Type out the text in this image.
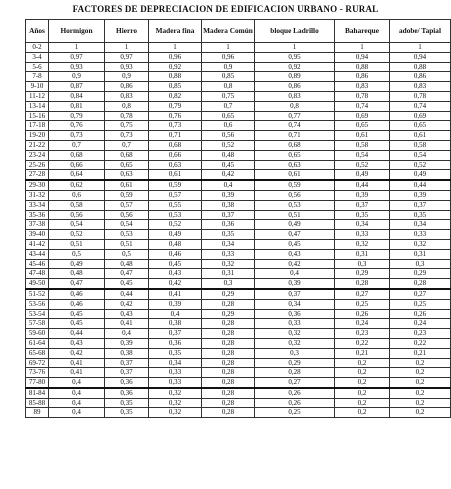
FACTORES DE DEPRECIACION DE EDIFICACION URBANO - RURAL
Años	Hormigon	Hierro	Madera fina	Madera Común	bloque Ladrillo	Bahareque	adobe/ Tapial
0-2	1	1	1	1	1	1	1
3-4	0,97	0,97	0,96	0,96	0,95	0,94	0,94
5-6	0,93	0,93	0,92	0,9	0,92	0,88	0,88
7-8	0,9	0,9	0,88	0,85	0,89	0,86	0,86
9-10	0,87	0,86	0,85	0,8	0,86	0,83	0,83
11-12	0,84	0,83	0,82	0,75	0,83	0,78	0,78
13-14	0,81	0,8	0,79	0,7	0,8	0,74	0,74
15-16	0,79	0,78	0,76	0,65	0,77	0,69	0,69
17-18	0,76	0,75	0,73	0,6	0,74	0,65	0,65
19-20	0,73	0,73	0,71	0,56	0,71	0,61	0,61
21-22	0,7	0,7	0,68	0,52	0,68	0,58	0,58
23-24	0,68	0,68	0,66	0,48	0,65	0,54	0,54
25-26	0,66	0,65	0,63	0,45	0,63	0,52	0,52
27-28	0,64	0,63	0,61	0,42	0,61	0,49	0,49
29-30	0,62	0,61	0,59	0,4	0,59	0,44	0,44
31-32	0,6	0,59	0,57	0,39	0,56	0,39	0,39
33-34	0,58	0,57	0,55	0,38	0,53	0,37	0,37
35-36	0,56	0,56	0,53	0,37	0,51	0,35	0,35
37-38	0,54	0,54	0,52	0,36	0,49	0,34	0,34
39-40	0,52	0,53	0,49	0,35	0,47	0,33	0,33
41-42	0,51	0,51	0,48	0,34	0,45	0,32	0,32
43-44	0,5	0,5	0,46	0,33	0,43	0,31	0,31
45-46	0,49	0,48	0,45	0,32	0,42	0,3	0,3
47-48	0,48	0,47	0,43	0,31	0,4	0,29	0,29
49-50	0,47	0,45	0,42	0,3	0,39	0,28	0,28
51-52	0,46	0,44	0,41	0,29	0,37	0,27	0,27
53-56	0,46	0,42	0,39	0,28	0,34	0,25	0,25
53-54	0,45	0,43	0,4	0,29	0,36	0,26	0,26
57-58	0,45	0,41	0,38	0,28	0,33	0,24	0,24
59-60	0,44	0,4	0,37	0,28	0,32	0,23	0,23
61-64	0,43	0,39	0,36	0,28	0,32	0,22	0,22
65-68	0,42	0,38	0,35	0,28	0,3	0,21	0,21
69-72	0,41	0,37	0,34	0,28	0,29	0,2	0,2
73-76	0,41	0,37	0,33	0,28	0,28	0,2	0,2
77-80	0,4	0,36	0,33	0,28	0,27	0,2	0,2
81-84	0,4	0,36	0,32	0,28	0,26	0,2	0,2
85-88	0,4	0,35	0,32	0,28	0,26	0,2	0,2
89	0,4	0,35	0,32	0,28	0,25	0,2	0,2
